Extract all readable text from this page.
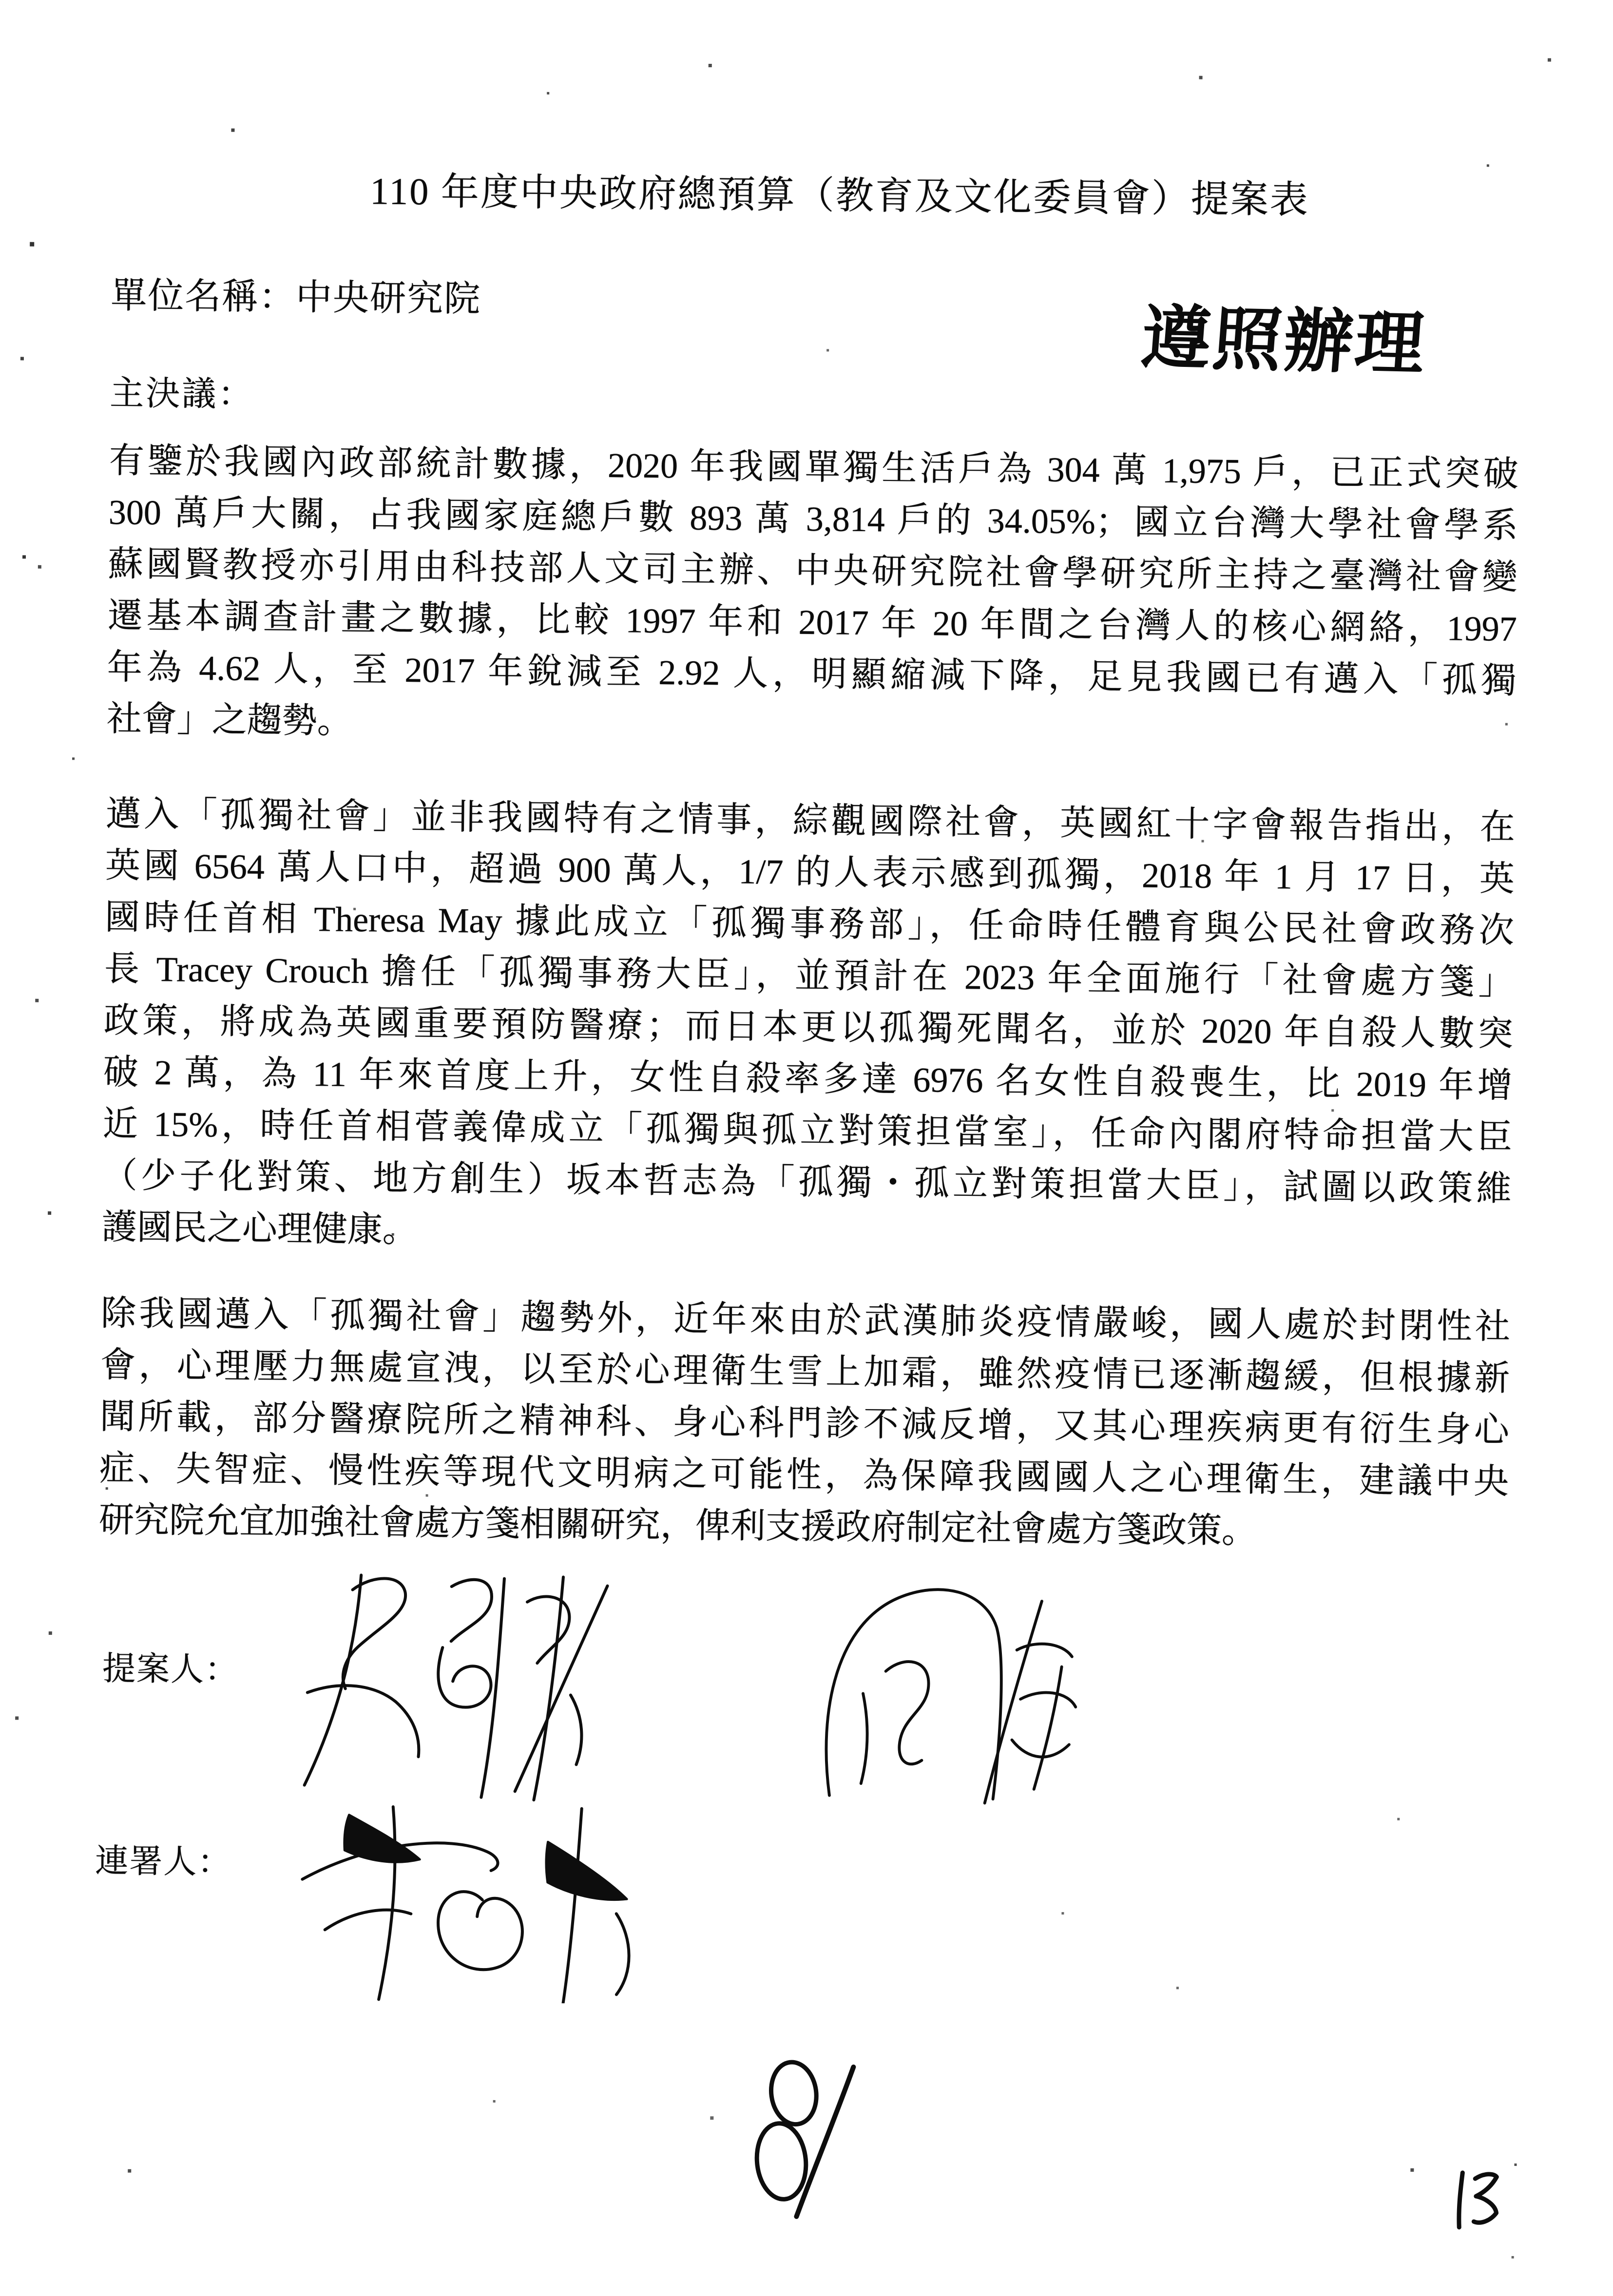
110 年度中央政府總預算（教育及文化委員會）提案表
單位名稱：中央研究院	遵照辦理
主決議：
有鑒於我國內政部統計數據，2020 年我國單獨生活戶為 304 萬 1,975 戶，已正式突破
300 萬戶大關，占我國家庭總戶數 893 萬 3,814 戶的 34.05%；國立台灣大學社會學系
蘇國賢教授亦引用由科技部人文司主辦、中央研究院社會學研究所主持之臺灣社會變
遷基本調查計畫之數據，比較 1997 年和 2017 年 20 年間之台灣人的核心網絡，1997
年為 4.62 人，至 2017 年銳減至 2.92 人，明顯縮減下降，足見我國已有邁入「孤獨
社會」之趨勢。
邁入「孤獨社會」並非我國特有之情事，綜觀國際社會，英國紅十字會報告指出，在
英國 6564 萬人口中，超過 900 萬人，1/7 的人表示感到孤獨，2018 年 1 月 17 日，英
國時任首相 Theresa May 據此成立「孤獨事務部」，任命時任體育與公民社會政務次
長 Tracey Crouch 擔任「孤獨事務大臣」，並預計在 2023 年全面施行「社會處方箋」
政策，將成為英國重要預防醫療；而日本更以孤獨死聞名，並於 2020 年自殺人數突
破 2 萬，為 11 年來首度上升，女性自殺率多達 6976 名女性自殺喪生，比 2019 年增
近 15%，時任首相菅義偉成立「孤獨與孤立對策担當室」，任命內閣府特命担當大臣
（少子化對策、地方創生）坂本哲志為「孤獨・孤立對策担當大臣」，試圖以政策維
護國民之心理健康。
除我國邁入「孤獨社會」趨勢外，近年來由於武漢肺炎疫情嚴峻，國人處於封閉性社
會，心理壓力無處宣洩，以至於心理衛生雪上加霜，雖然疫情已逐漸趨緩，但根據新
聞所載，部分醫療院所之精神科、身心科門診不減反增，又其心理疾病更有衍生身心
症、失智症、慢性疾等現代文明病之可能性，為保障我國國人之心理衛生，建議中央
研究院允宜加強社會處方箋相關研究，俾利支援政府制定社會處方箋政策。
提案人：
連署人：
